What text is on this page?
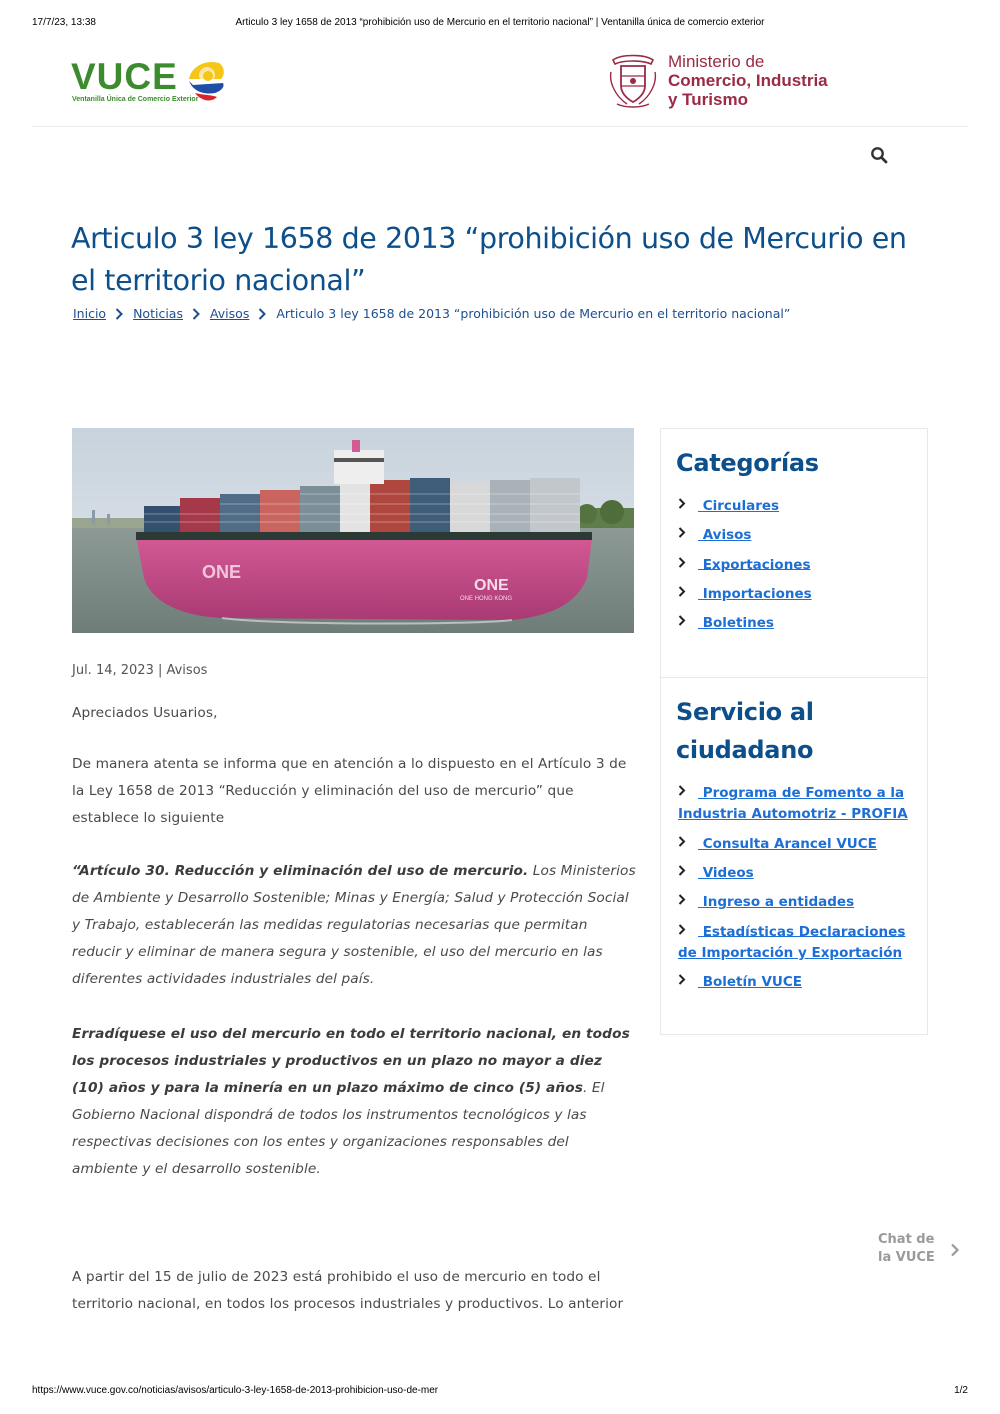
17/7/23, 13:38	Articulo 3 ley 1658 de 2013 “prohibición uso de Mercurio en el territorio nacional” | Ventanilla única de comercio exterior
VUCE
Ventanilla Única de Comercio Exterior
Ministerio de
Comercio, Industria
y Turismo
Articulo 3 ley 1658 de 2013 “prohibición uso de Mercurio en el territorio nacional”
Inicio Noticias Avisos Articulo 3 ley 1658 de 2013 “prohibición uso de Mercurio en el territorio nacional”
ONE
ONE
ONE HONG KONG
Jul. 14, 2023 | Avisos

Apreciados Usuarios,

De manera atenta se informa que en atención a lo dispuesto en el Artículo 3 de la Ley 1658 de 2013 “Reducción y eliminación del uso de mercurio” que establece lo siguiente

“Artículo 30. Reducción y eliminación del uso de mercurio. Los Ministerios de Ambiente y Desarrollo Sostenible; Minas y Energía; Salud y Protección Social y Trabajo, establecerán las medidas regulatorias necesarias que permitan reducir y eliminar de manera segura y sostenible, el uso del mercurio en las diferentes actividades industriales del país.

Erradíquese el uso del mercurio en todo el territorio nacional, en todos los procesos industriales y productivos en un plazo no mayor a diez (10) años y para la minería en un plazo máximo de cinco (5) años. El Gobierno Nacional dispondrá de todos los instrumentos tecnológicos y las respectivas decisiones con los entes y organizaciones responsables del ambiente y el desarrollo sostenible.

A partir del 15 de julio de 2023 está prohibido el uso de mercurio en todo el territorio nacional, en todos los procesos industriales y productivos. Lo anterior

Categorías
Circulares
Avisos
Exportaciones
Importaciones
Boletines
Servicio al ciudadano
Programa de Fomento a la Industria Automotriz - PROFIA
Consulta Arancel VUCE
Videos
Ingreso a entidades
Estadísticas Declaraciones de Importación y Exportación
Boletín VUCE
Chat de
la VUCE
https://www.vuce.gov.co/noticias/avisos/articulo-3-ley-1658-de-2013-prohibicion-uso-de-mer	1/2
